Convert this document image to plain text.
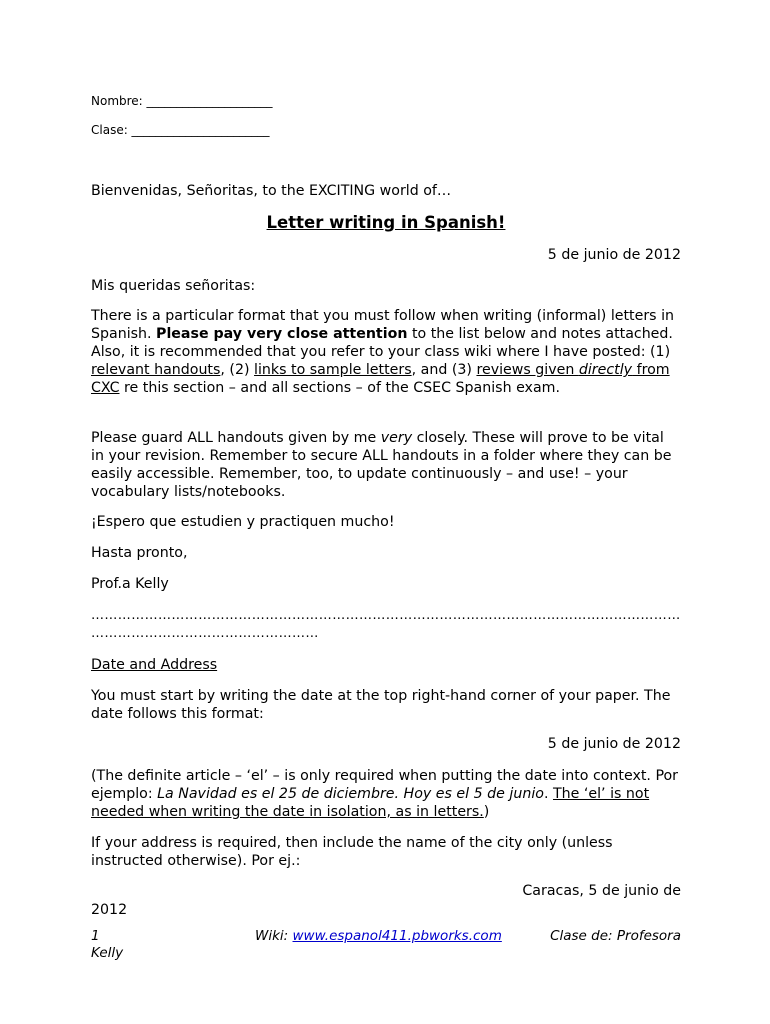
Nombre: _____________________
Clase: _______________________
Bienvenidas, Señoritas, to the EXCITING world of…
Letter writing in Spanish!
5 de junio de 2012
Mis queridas señoritas:
There is a particular format that you must follow when writing (informal) letters in Spanish. Please pay very close attention to the list below and notes attached. Also, it is recommended that you refer to your class wiki where I have posted: (1) relevant handouts, (2) links to sample letters, and (3) reviews given directly from CXC re this section – and all sections – of the CSEC Spanish exam.
Please guard ALL handouts given by me very closely. These will prove to be vital in your revision. Remember to secure ALL handouts in a folder where they can be easily accessible. Remember, too, to update continuously – and use! – your vocabulary lists/notebooks.
¡Espero que estudien y practiquen mucho!
Hasta pronto,
Prof.a Kelly
……………………………………………………………………………………………………………………
……………………………………………
Date and Address
You must start by writing the date at the top right-hand corner of your paper. The date follows this format:
5 de junio de 2012
(The definite article – ‘el’ – is only required when putting the date into context. Por ejemplo: La Navidad es el 25 de diciembre. Hoy es el 5 de junio. The ‘el’ is not needed when writing the date in isolation, as in letters.)
If your address is required, then include the name of the city only (unless instructed otherwise). Por ej.:
Caracas, 5 de junio de
2012
1	Wiki: www.espanol411.pbworks.com	Clase de: Profesora
Kelly
